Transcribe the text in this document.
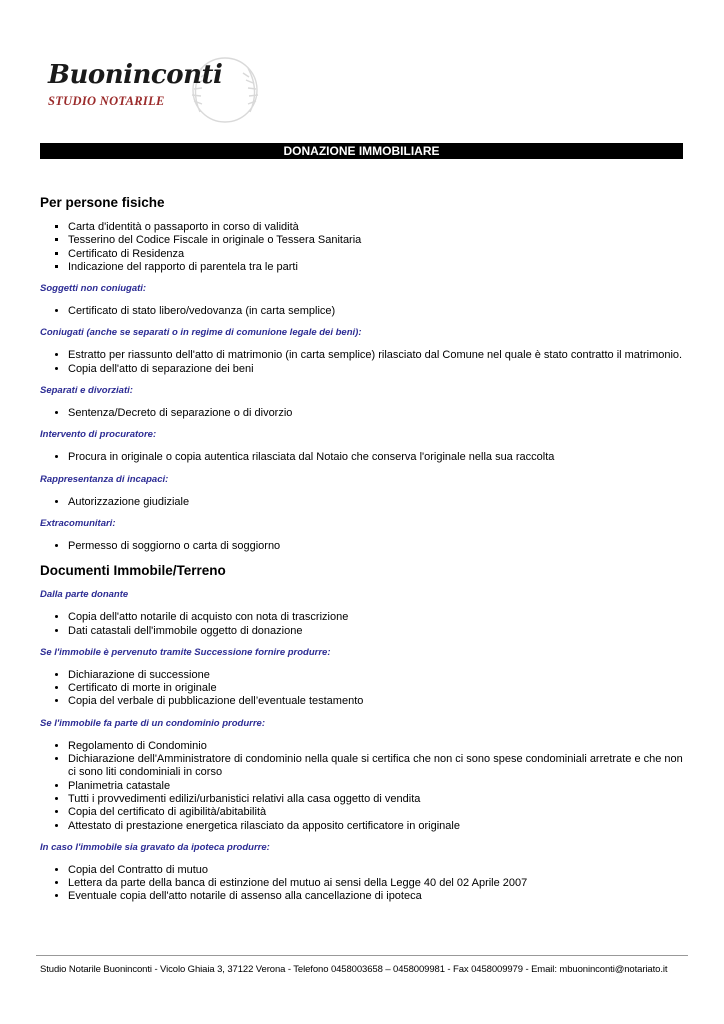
Buoninconti
STUDIO NOTARILE
DONAZIONE IMMOBILIARE
Per persone fisiche
▪ Carta d'identità o passaporto in corso di validità
▪ Tesserino del Codice Fiscale in originale o Tessera Sanitaria
▪ Certificato di Residenza
▪ Indicazione del rapporto di parentela tra le parti
Soggetti non coniugati:
• Certificato di stato libero/vedovanza (in carta semplice)
Coniugati (anche se separati o in regime di comunione legale dei beni):
• Estratto per riassunto dell'atto di matrimonio (in carta semplice) rilasciato dal Comune nel quale è stato contratto il matrimonio.
• Copia dell'atto di separazione dei beni
Separati e divorziati:
• Sentenza/Decreto di separazione o di divorzio
Intervento di procuratore:
• Procura in originale o copia autentica rilasciata dal Notaio che conserva l'originale nella sua raccolta
Rappresentanza di incapaci:
• Autorizzazione giudiziale
Extracomunitari:
• Permesso di soggiorno o carta di soggiorno
Documenti Immobile/Terreno
Dalla parte donante
• Copia dell'atto notarile di acquisto con nota di trascrizione
• Dati catastali dell'immobile oggetto di donazione
Se l'immobile è pervenuto tramite Successione fornire produrre:
• Dichiarazione di successione
• Certificato di morte in originale
• Copia del verbale di pubblicazione dell’eventuale testamento
Se l'immobile fa parte di un condominio produrre:
• Regolamento di Condominio
• Dichiarazione dell'Amministratore di condominio nella quale si certifica che non ci sono spese condominiali arretrate e che non ci sono liti condominiali in corso
• Planimetria catastale
• Tutti i provvedimenti edilizi/urbanistici relativi alla casa oggetto di vendita
• Copia del certificato di agibilità/abitabilità
• Attestato di prestazione energetica rilasciato da apposito certificatore in originale
In caso l'immobile sia gravato da ipoteca produrre:
• Copia del Contratto di mutuo
• Lettera da parte della banca di estinzione del mutuo ai sensi della Legge 40 del 02 Aprile 2007
• Eventuale copia dell'atto notarile di assenso alla cancellazione di ipoteca
Studio Notarile Buoninconti - Vicolo Ghiaia 3, 37122 Verona - Telefono 0458003658 – 0458009981 - Fax 0458009979 - Email: mbuoninconti@notariato.it
